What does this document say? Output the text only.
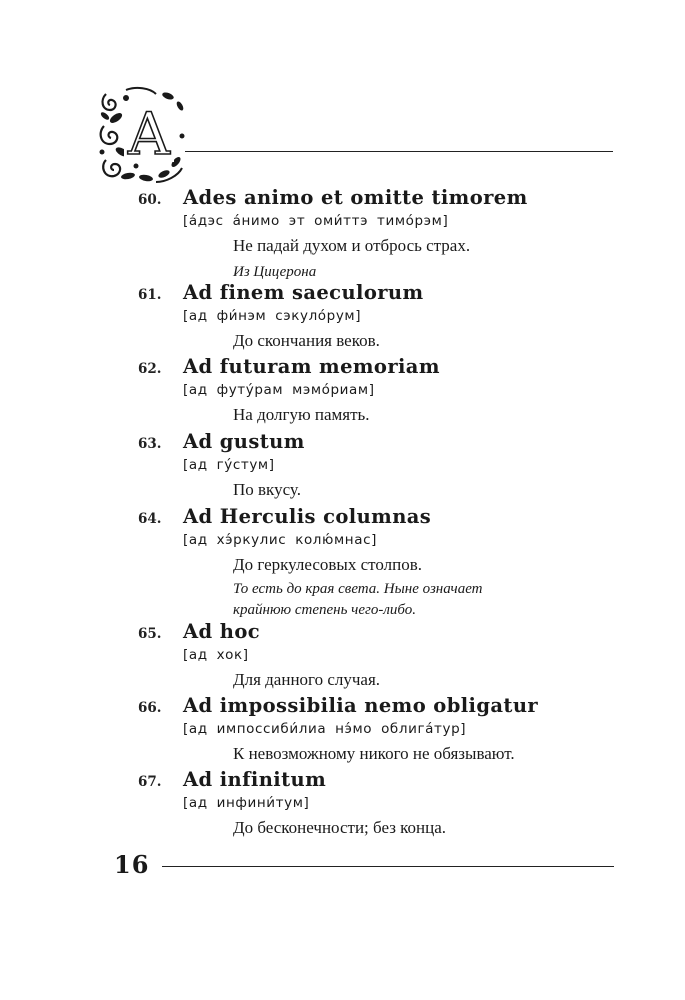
A
60.	Ades animo et omitte timorem
[а́дэс а́нимо эт оми́ттэ тимо́рэм]
Не падай духом и отбрось страх.
Из Цицерона
61.	Ad finem saeculorum
[ад фи́нэм сэкуло́рум]
До скончания веков.
62.	Ad futuram memoriam
[ад футу́рам мэмо́риам]
На долгую память.
63.	Ad gustum
[ад гу́стум]
По вкусу.
64.	Ad Herculis columnas
[ад хэ́ркулис колю́мнас]
До геркулесовых столпов.
То есть до края света. Ныне означает
крайнюю степень чего-либо.
65.	Ad hoc
[ад хок]
Для данного случая.
66.	Ad impossibilia nemo obligatur
[ад импоссиби́лиа нэ́мо облига́тур]
К невозможному никого не обязывают.
67.	Ad infinitum
[ад инфини́тум]
До бесконечности; без конца.
16
